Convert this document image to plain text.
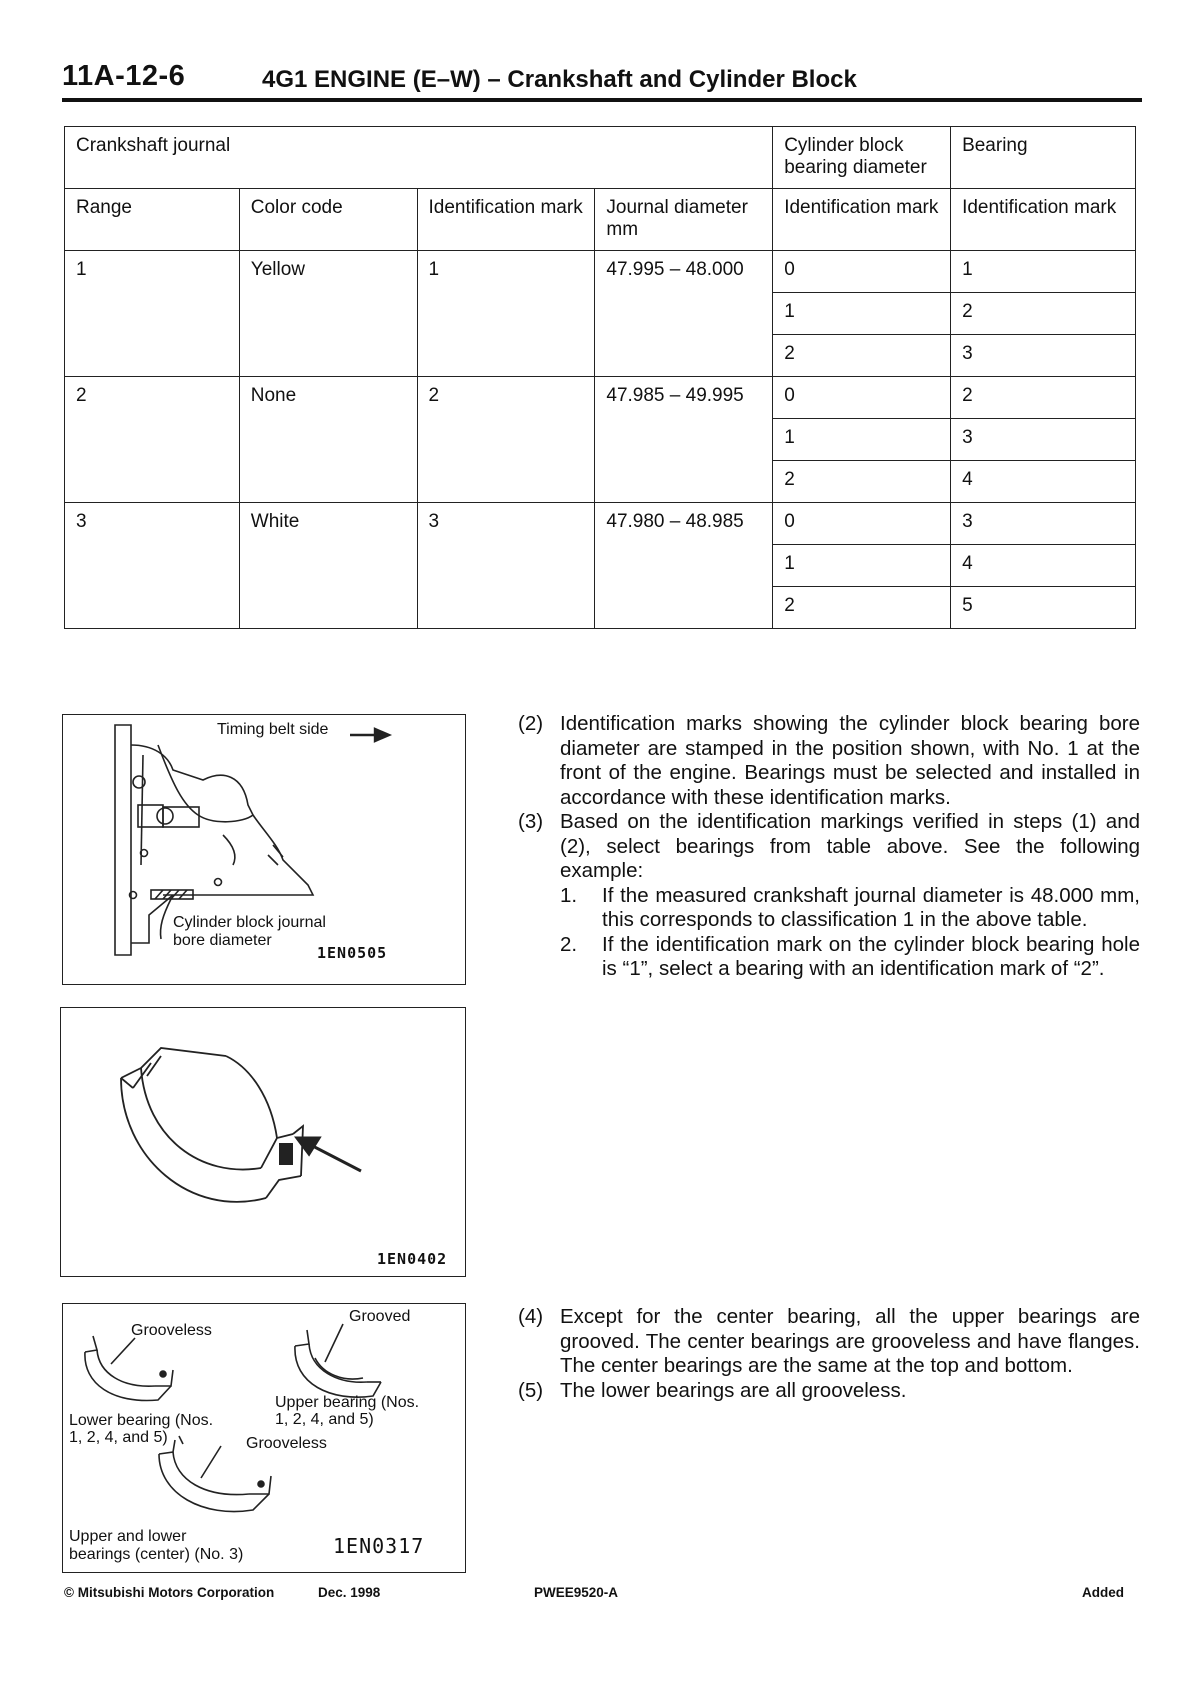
11A-12-6	4G1 ENGINE (E–W) – Crankshaft and Cylinder Block
Crankshaft journal				Cylinder block bearing diameter	Bearing
Range	Color code	Identification mark	Journal diameter mm	Identification mark	Identification mark
1	Yellow	1	47.995 – 48.000	0	1
				1	2
				2	3
2	None	2	47.985 – 49.995	0	2
				1	3
				2	4
3	White	3	47.980 – 48.985	0	3
				1	4
				2	5
Timing belt side
Cylinder block journal
bore diameter
1EN0505
1EN0402
Grooveless
Grooved
Upper bearing (Nos.
1, 2, 4, and 5)
Lower bearing (Nos.
1, 2, 4, and 5)	Grooveless
Upper and lower
bearings (center) (No. 3)	1EN0317
(2) Identification marks showing the cylinder block bearing bore diameter are stamped in the position shown, with No. 1 at the front of the engine. Bearings must be selected and installed in accordance with these identification marks.
(3) Based on the identification markings verified in steps (1) and (2), select bearings from table above. See the following example:
1. If the measured crankshaft journal diameter is 48.000 mm, this corresponds to classification 1 in the above table.
2. If the identification mark on the cylinder block bearing hole is “1”, select a bearing with an identification mark of “2”.
(4) Except for the center bearing, all the upper bearings are grooved. The center bearings are grooveless and have flanges. The center bearings are the same at the top and bottom.
(5) The lower bearings are all grooveless.
© Mitsubishi Motors Corporation	Dec. 1998	PWEE9520-A	Added
